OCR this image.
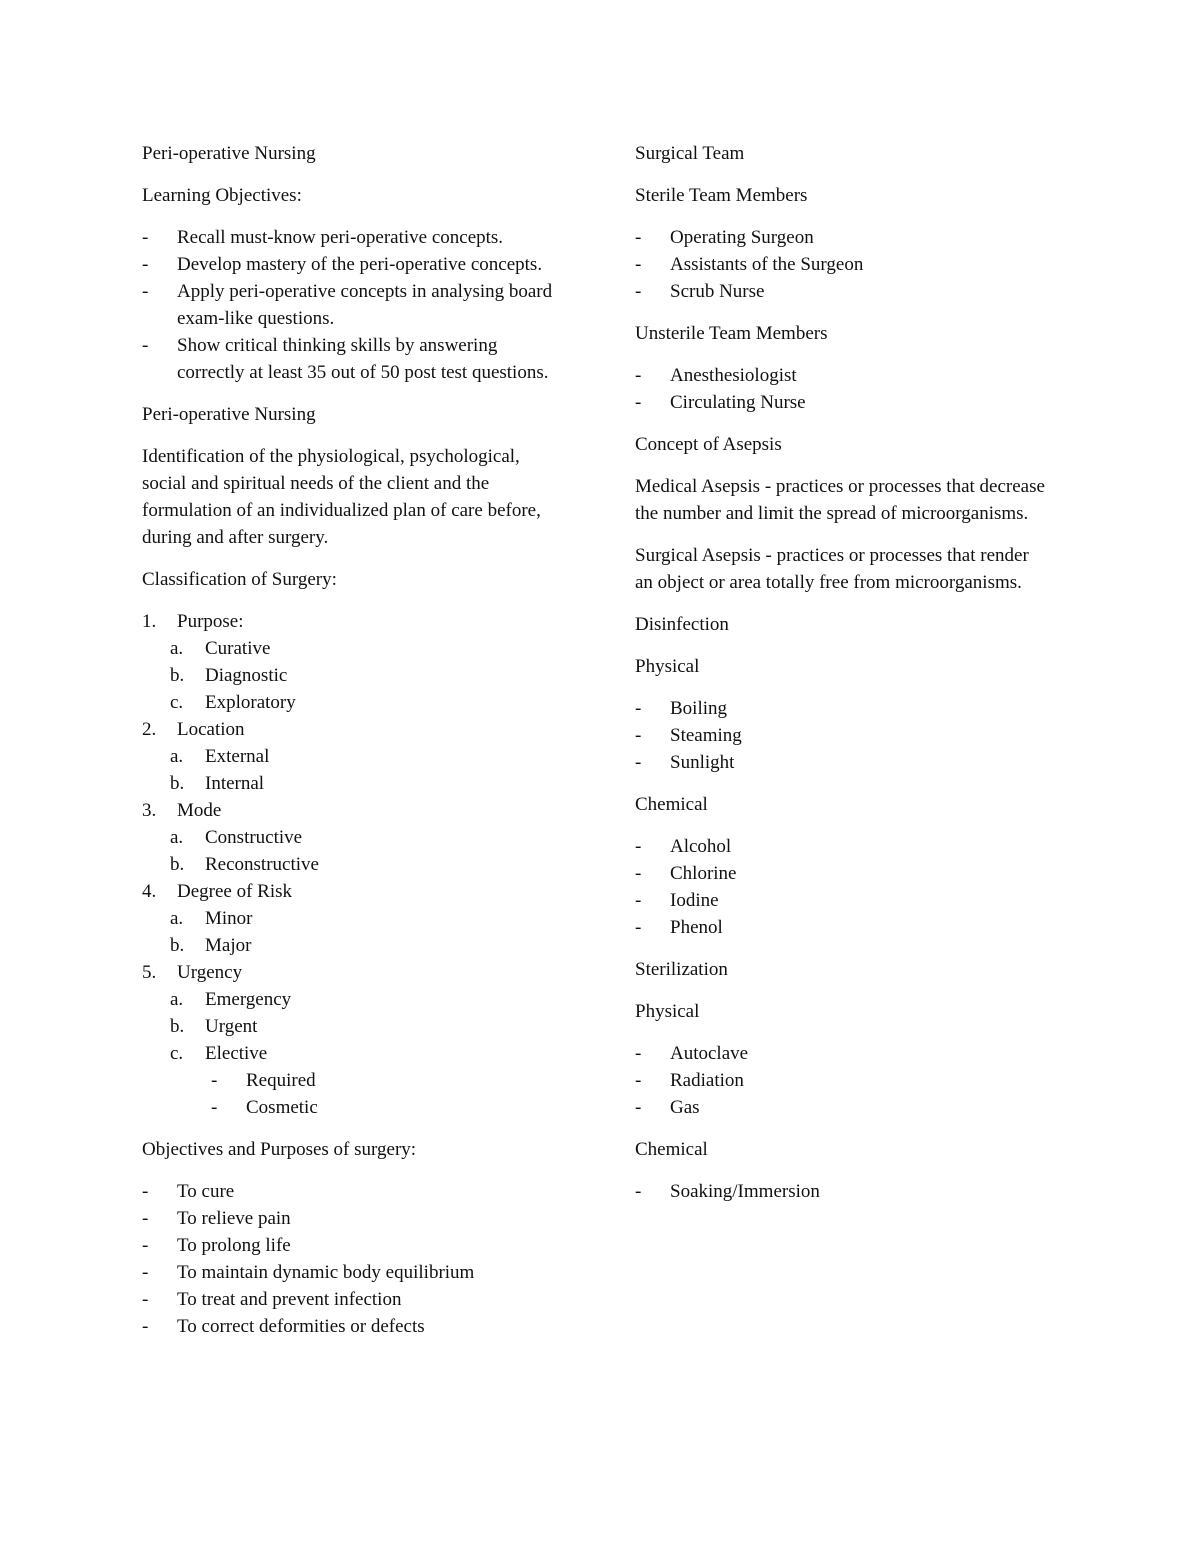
Peri-operative Nursing

Learning Objectives:

- Recall must-know peri-operative concepts.
- Develop mastery of the peri-operative concepts.
- Apply peri-operative concepts in analysing board exam-like questions.
- Show critical thinking skills by answering correctly at least 35 out of 50 post test questions.

Peri-operative Nursing

Identification of the physiological, psychological, social and spiritual needs of the client and the formulation of an individualized plan of care before, during and after surgery.

Classification of Surgery:

1. Purpose:
a. Curative
b. Diagnostic
c. Exploratory
2. Location
a. External
b. Internal
3. Mode
a. Constructive
b. Reconstructive
4. Degree of Risk
a. Minor
b. Major
5. Urgency
a. Emergency
b. Urgent
c. Elective
- Required
- Cosmetic

Objectives and Purposes of surgery:

- To cure
- To relieve pain
- To prolong life
- To maintain dynamic body equilibrium
- To treat and prevent infection
- To correct deformities or defects

Surgical Team

Sterile Team Members

- Operating Surgeon
- Assistants of the Surgeon
- Scrub Nurse

Unsterile Team Members

- Anesthesiologist
- Circulating Nurse

Concept of Asepsis

Medical Asepsis - practices or processes that decrease the number and limit the spread of microorganisms.

Surgical Asepsis - practices or processes that render an object or area totally free from microorganisms.

Disinfection

Physical

- Boiling
- Steaming
- Sunlight

Chemical

- Alcohol
- Chlorine
- Iodine
- Phenol

Sterilization

Physical

- Autoclave
- Radiation
- Gas

Chemical

- Soaking/Immersion
